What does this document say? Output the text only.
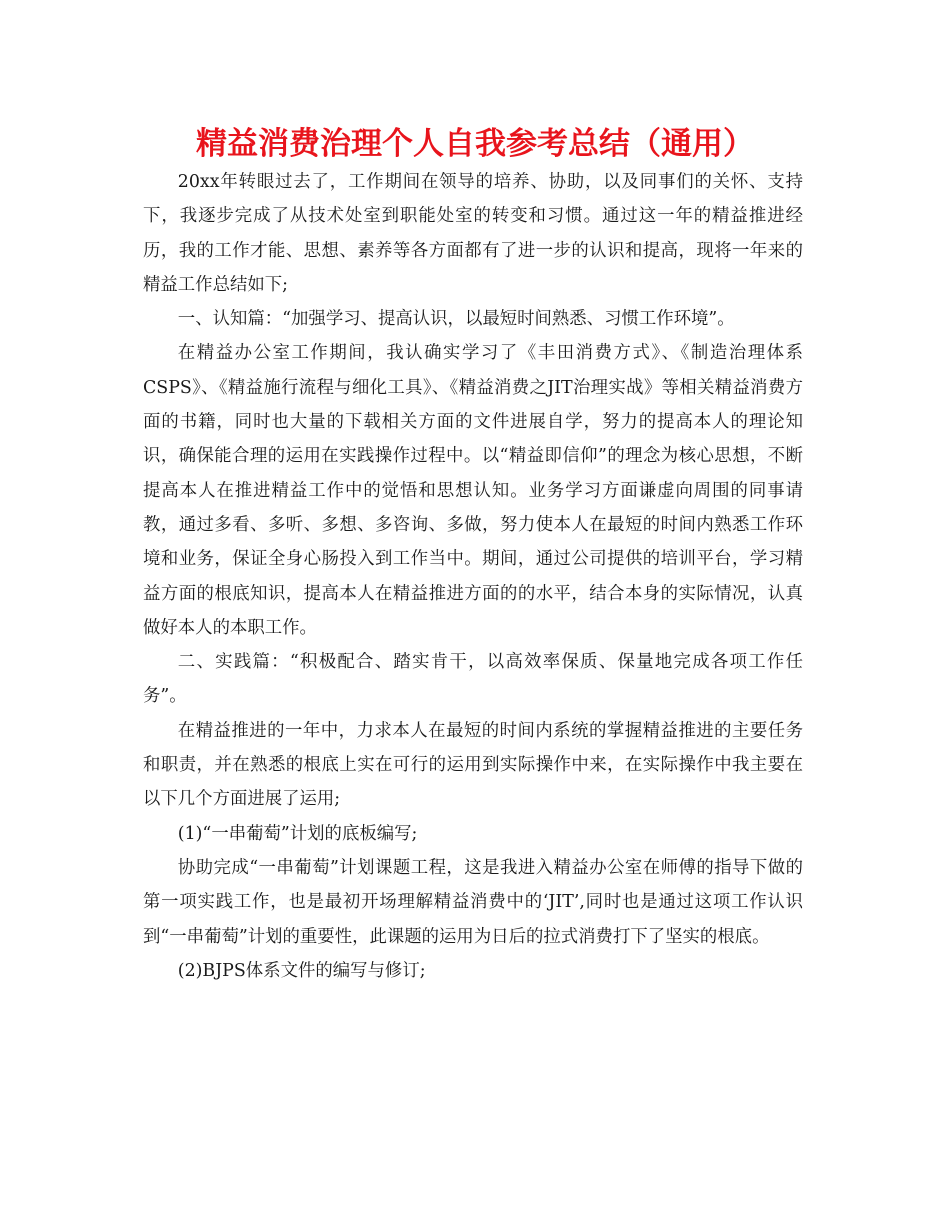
精益消费治理个人自我参考总结（通用）

20xx年转眼过去了，工作期间在领导的培养、协助，以及同事们的关怀、支持下，我逐步完成了从技术处室到职能处室的转变和习惯。通过这一年的精益推进经历，我的工作才能、思想、素养等各方面都有了进一步的认识和提高，现将一年来的精益工作总结如下;

一、认知篇：“加强学习、提高认识，以最短时间熟悉、习惯工作环境”。

在精益办公室工作期间，我认确实学习了《丰田消费方式》、《制造治理体系CSPS》、《精益施行流程与细化工具》、《精益消费之JIT治理实战》等相关精益消费方面的书籍，同时也大量的下载相关方面的文件进展自学，努力的提高本人的理论知识，确保能合理的运用在实践操作过程中。以“精益即信仰”的理念为核心思想，不断提高本人在推进精益工作中的觉悟和思想认知。业务学习方面谦虚向周围的同事请教，通过多看、多听、多想、多咨询、多做，努力使本人在最短的时间内熟悉工作环境和业务，保证全身心肠投入到工作当中。期间，通过公司提供的培训平台，学习精益方面的根底知识，提高本人在精益推进方面的的水平，结合本身的实际情况，认真做好本人的本职工作。

二、实践篇：“积极配合、踏实肯干，以高效率保质、保量地完成各项工作任务”。

在精益推进的一年中，力求本人在最短的时间内系统的掌握精益推进的主要任务和职责，并在熟悉的根底上实在可行的运用到实际操作中来，在实际操作中我主要在以下几个方面进展了运用;

(1)“一串葡萄”计划的底板编写;

协助完成“一串葡萄”计划课题工程，这是我进入精益办公室在师傅的指导下做的第一项实践工作，也是最初开场理解精益消费中的‘JIT’,同时也是通过这项工作认识到“一串葡萄”计划的重要性，此课题的运用为日后的拉式消费打下了坚实的根底。

(2)BJPS体系文件的编写与修订;
